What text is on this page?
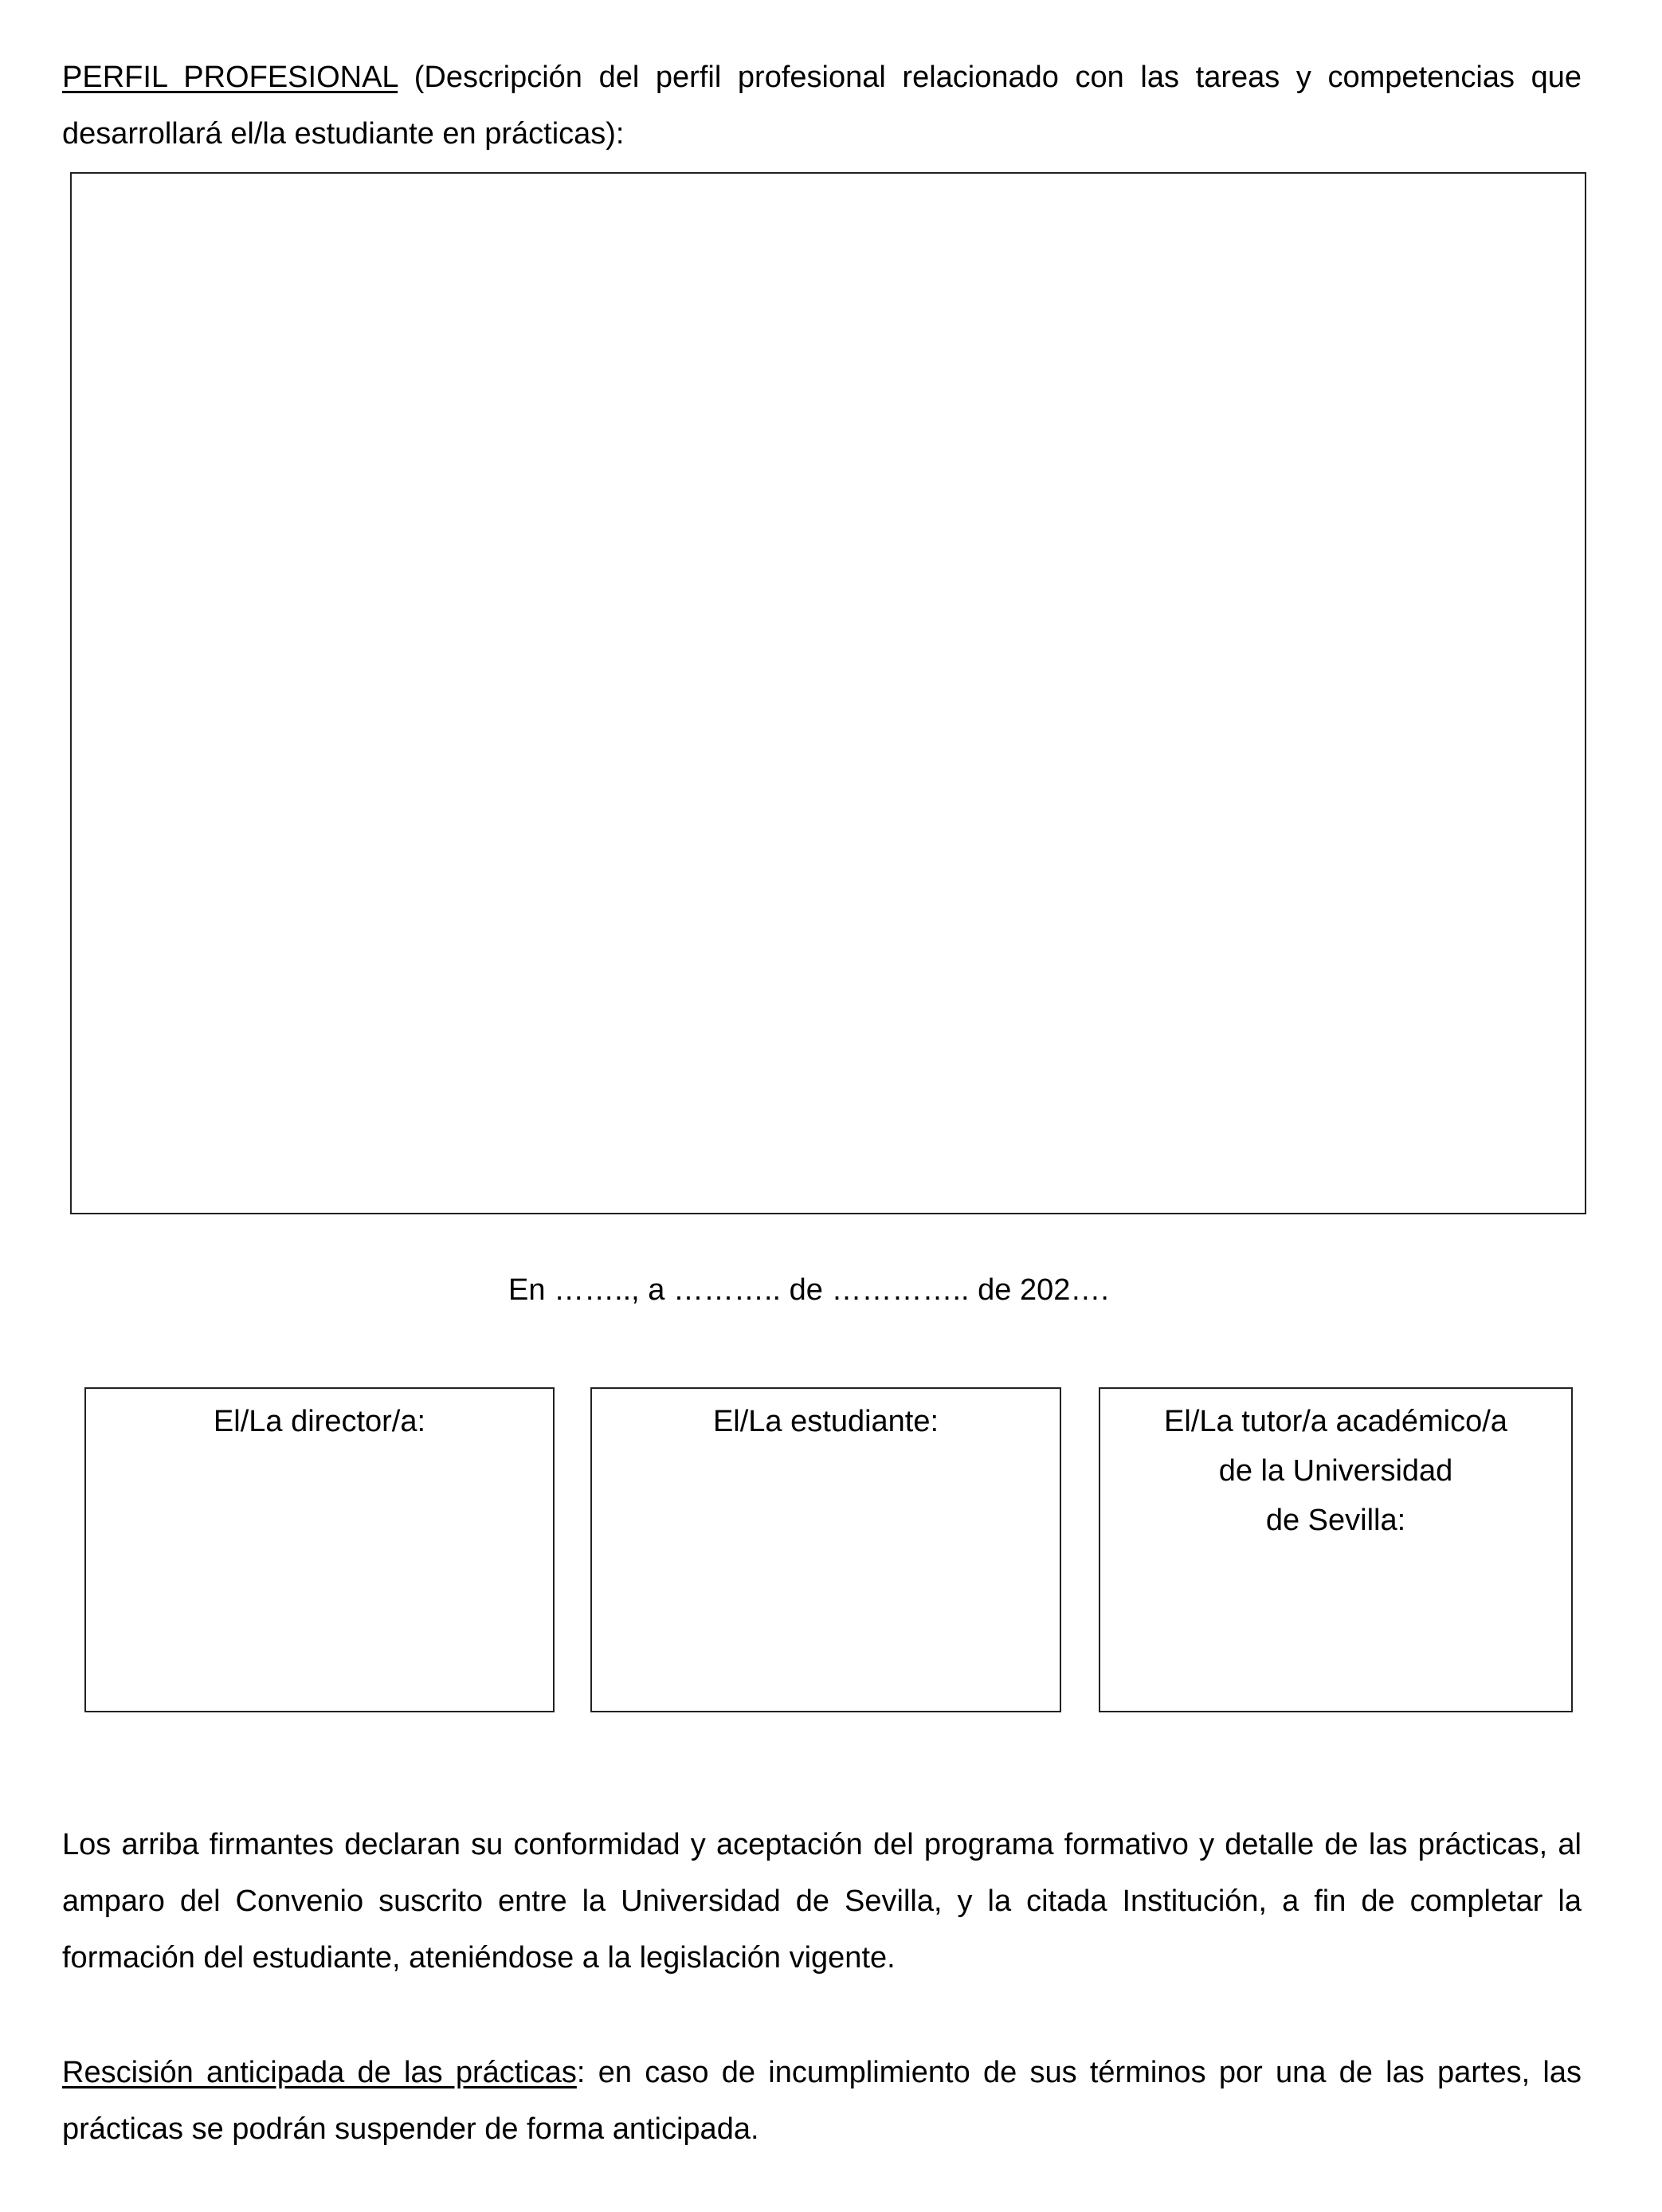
PERFIL PROFESIONAL (Descripción del perfil profesional relacionado con las tareas y competencias que desarrollará el/la estudiante en prácticas):
En …….., a ……….. de ………….. de 202….
El/La director/a:	El/La estudiante:	El/La tutor/a académico/a
de la Universidad
de Sevilla:
Los arriba firmantes declaran su conformidad y aceptación del programa formativo y detalle de las prácticas, al amparo del Convenio suscrito entre la Universidad de Sevilla, y la citada Institución, a fin de completar la formación del estudiante, ateniéndose a la legislación vigente.
Rescisión anticipada de las prácticas: en caso de incumplimiento de sus términos por una de las partes, las prácticas se podrán suspender de forma anticipada.
